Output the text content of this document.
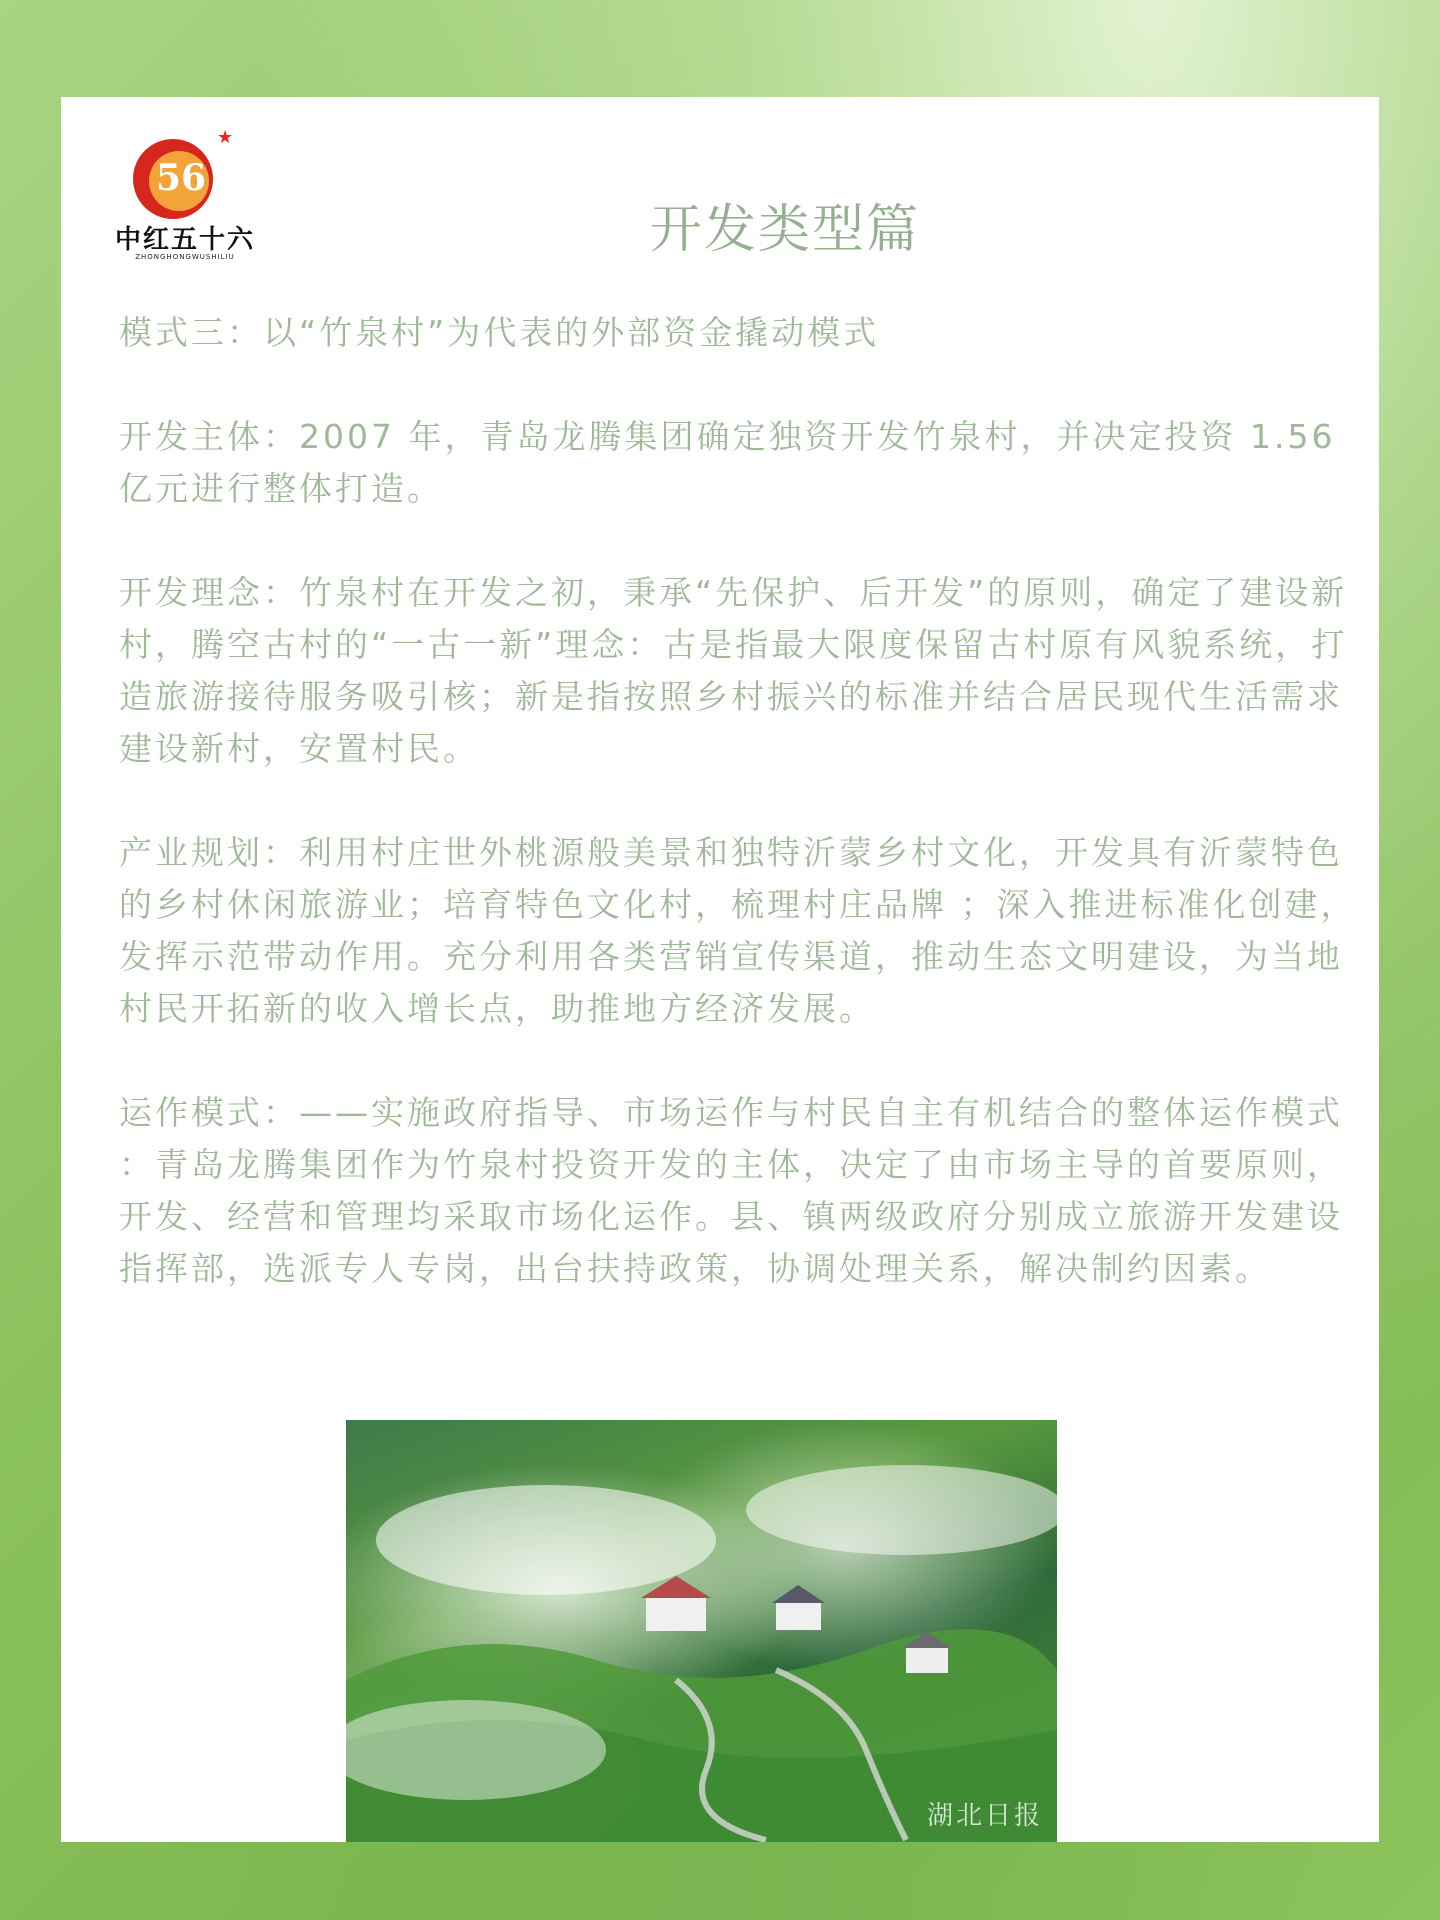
56
★
中红五十六
ZHONGHONGWUSHILIU	开发类型篇

模式三：以“竹泉村”为代表的外部资金撬动模式

开发主体：2007 年，青岛龙腾集团确定独资开发竹泉村，并决定投资 1.56 亿元进行整体打造。

开发理念：竹泉村在开发之初，秉承“先保护、后开发”的原则，确定了建设新村，腾空古村的“一古一新”理念：古是指最大限度保留古村原有风貌系统，打造旅游接待服务吸引核；新是指按照乡村振兴的标准并结合居民现代生活需求建设新村，安置村民。

产业规划：利用村庄世外桃源般美景和独特沂蒙乡村文化，开发具有沂蒙特色的乡村休闲旅游业；培育特色文化村，梳理村庄品牌 ；深入推进标准化创建，发挥示范带动作用。充分利用各类营销宣传渠道，推动生态文明建设，为当地村民开拓新的收入增长点，助推地方经济发展。

运作模式：——实施政府指导、市场运作与村民自主有机结合的整体运作模式 ：青岛龙腾集团作为竹泉村投资开发的主体，决定了由市场主导的首要原则，开发、经营和管理均采取市场化运作。县、镇两级政府分别成立旅游开发建设指挥部，选派专人专岗，出台扶持政策，协调处理关系，解决制约因素。

湖北日报
